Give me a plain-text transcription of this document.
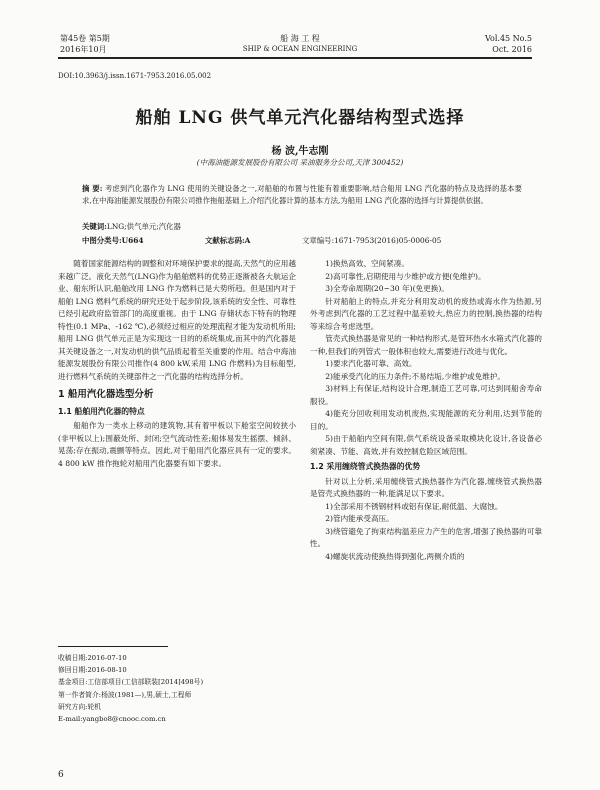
第45卷 第5期
2016年10月
船 海 工 程
SHIP & OCEAN ENGINEERING
Vol.45 No.5
Oct. 2016
DOI:10.3963/j.issn.1671-7953.2016.05.002
船舶 LNG 供气单元汽化器结构型式选择
杨 波,牛志刚
(中海油能源发展股份有限公司 采油服务分公司,天津 300452)
摘 要: 考虑到汽化器作为 LNG 使用的关键设备之一,对船舶的布置与性能有着重要影响,结合船用 LNG 汽化器的特点及选择的基本要求,在中海油能源发展股份有限公司推作拖船基础上,介绍汽化器计算的基本方法,为船用 LNG 汽化器的选择与计算提供依据。
关键词:LNG;供气单元;汽化器
中图分类号:U664	文献标志码:A	文章编号:1671-7953(2016)05-0006-05

随着国家能源结构的调整和对环境保护要求的提高,天然气的应用越来越广泛。液化天然气(LNG)作为船舶燃料的优势正逐渐被各大航运企业、船东所认识,船舶改用 LNG 作为燃料已是大势所趋。但是国内对于船舶 LNG 燃料气系统的研究还处于起步阶段,该系统的安全性、可靠性已经引起政府监管部门的高度重视。由于 LNG 存储状态下特有的物理特性(0.1 MPa、-162 ℃),必须经过相应的处理流程才能为发动机所用;船用 LNG 供气单元正是为实现这一目的的系统集成,而其中的汽化器是其关键设备之一,对发动机的供气品质起着至关重要的作用。结合中海油能源发展股份有限公司推作(4 800 kW,采用 LNG 作燃料)为目标船型,进行燃料气系统的关键部件之一汽化器的结构选择分析。

1 船用汽化器选型分析
1.1 船舶用汽化器的特点

船舶作为一类水上移动的建筑物,其有着甲板以下舱室空间较狭小(非甲板以上);围蔽处所、封闭;空气流动性差;船体易发生摇摆、倾斜、晃荡;存在振动,震颤等特点。因此,对于船用汽化器应具有一定的要求。4 800 kW 推作拖轮对船用汽化器要有如下要求。

收稿日期:2016-07-10
修回日期:2016-08-10
基金项目:工信部项目(工信部联装[2014]498号)
第一作者简介:杨波(1981—),男,硕士,工程师
研究方向:轮机
E-mail:yangbo8@cnooc.com.cn

1)换热高效、空间紧凑。

2)高可靠性,启期使用与少维护或方便(免维护)。

3)全寿命周期(20~30 年)(免更换)。

针对船舶上的特点,并充分利用发动机的废热或海水作为热源,另外考虑到汽化器的工艺过程中温差较大,热应力的控制,换热器的结构等来综合考虑选型。

管壳式换热器是常见的一种结构形式,是管环热水水箱式汽化器的一种,但我们的列管式一般体积也较大,需要进行改进与优化。

1)要求汽化器可靠、高效。

2)能承受汽化的压力条件;不易结垢,少维护或免维护。

3)材料上有保证,结构设计合理,制造工艺可靠,可达到同船舍寿命服役。

4)能充分回收利用发动机废热,实现能源的充分利用,达到节能的目的。

5)由于船舶内空间有限,供气系统设备采取模块化设计,各设备必须紧凑、节能、高效,并有效控制危险区域范围。

1.2 采用缠绕管式换热器的优势

针对以上分析,采用缠绕管式换热器作为汽化器,缠绕管式换热器是管壳式换热器的一种,能满足以下要求。

1)全部采用不锈钢材料或铝有保证,耐低温、大腐蚀。

2)管内能承受高压。

3)绕管避免了拘束结构温差应力产生的危害,增强了换热器的可靠性。

4)螺旋状流动使换热得到强化,两侧介质的

6
